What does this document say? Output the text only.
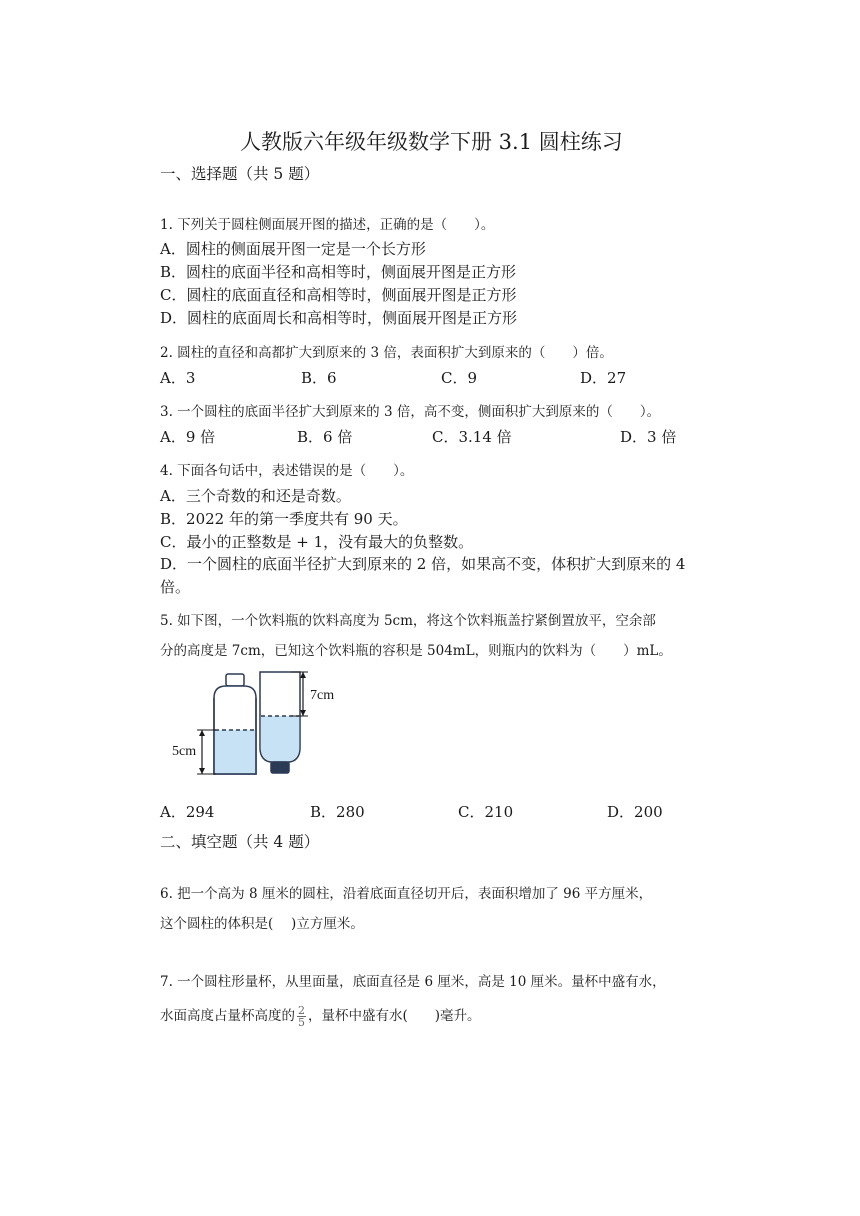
人教版六年级年级数学下册 3.1 圆柱练习
一、选择题（共 5 题）
1. 下列关于圆柱侧面展开图的描述，正确的是（　　）。
A．圆柱的侧面展开图一定是一个长方形
B．圆柱的底面半径和高相等时，侧面展开图是正方形
C．圆柱的底面直径和高相等时，侧面展开图是正方形
D．圆柱的底面周长和高相等时，侧面展开图是正方形
2. 圆柱的直径和高都扩大到原来的 3 倍，表面积扩大到原来的（　　）倍。
A．3	B．6	C．9	D．27
3. 一个圆柱的底面半径扩大到原来的 3 倍，高不变，侧面积扩大到原来的（　　）。
A．9 倍	B．6 倍	C．3.14 倍	D．3 倍
4. 下面各句话中，表述错误的是（　　）。
A．三个奇数的和还是奇数。
B．2022 年的第一季度共有 90 天。
C．最小的正整数是 + 1，没有最大的负整数。
D．一个圆柱的底面半径扩大到原来的 2 倍，如果高不变，体积扩大到原来的 4
倍。
5. 如下图，一个饮料瓶的饮料高度为 5cm，将这个饮料瓶盖拧紧倒置放平，空余部
分的高度是 7cm，已知这个饮料瓶的容积是 504mL，则瓶内的饮料为（　　）mL。
7cm
5cm
A．294	B．280	C．210	D．200
二、填空题（共 4 题）
6. 把一个高为 8 厘米的圆柱，沿着底面直径切开后，表面积增加了 96 平方厘米，
这个圆柱的体积是(　 )立方厘米。
7. 一个圆柱形量杯，从里面量，底面直径是 6 厘米，高是 10 厘米。量杯中盛有水，
水面高度占量杯高度的 $\frac{2}{5}$ ，量杯中盛有水(　　)毫升。
